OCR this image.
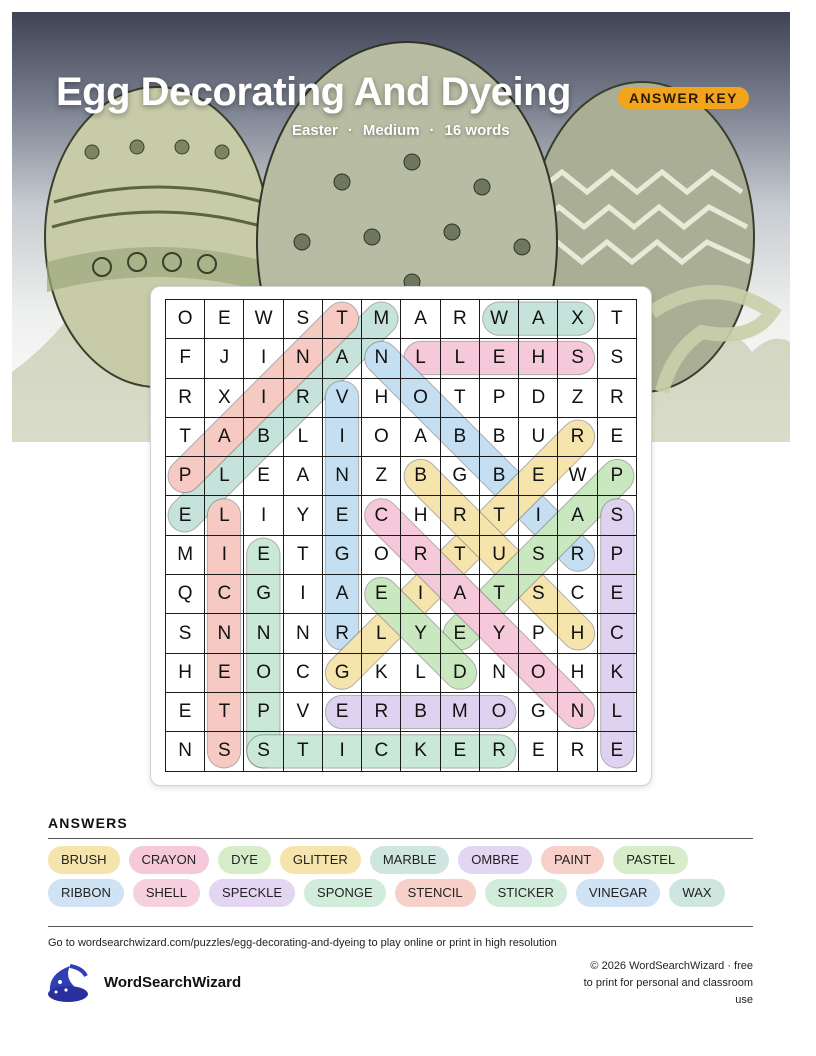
Egg Decorating And Dyeing	ANSWER KEY
Easter · Medium · 16 words
O	E	W	S	T	M	A	R	W	A	X	T
F	J	I	N	A	N	L	L	E	H	S	S
R	X	I	R	V	H	O	T	P	D	Z	R
T	A	B	L	I	O	A	B	B	U	R	E
P	L	E	A	N	Z	B	G	B	E	W	P
E	L	I	Y	E	C	H	R	T	I	A	S
M	I	E	T	G	O	R	T	U	S	R	P
Q	C	G	I	A	E	I	A	T	S	C	E
S	N	N	N	R	L	Y	E	Y	P	H	C
H	E	O	C	G	K	L	D	N	O	H	K
E	T	P	V	E	R	B	M	O	G	N	L
N	S	S	T	I	C	K	E	R	E	R	E
ANSWERS
BRUSH	CRAYON	DYE	GLITTER	MARBLE	OMBRE	PAINT	PASTEL
RIBBON	SHELL	SPECKLE	SPONGE	STENCIL	STICKER	VINEGAR	WAX
Go to wordsearchwizard.com/puzzles/egg-decorating-and-dyeing to play online or print in high resolution
WordSearchWizard
© 2026 WordSearchWizard · free to print for personal and classroom use
